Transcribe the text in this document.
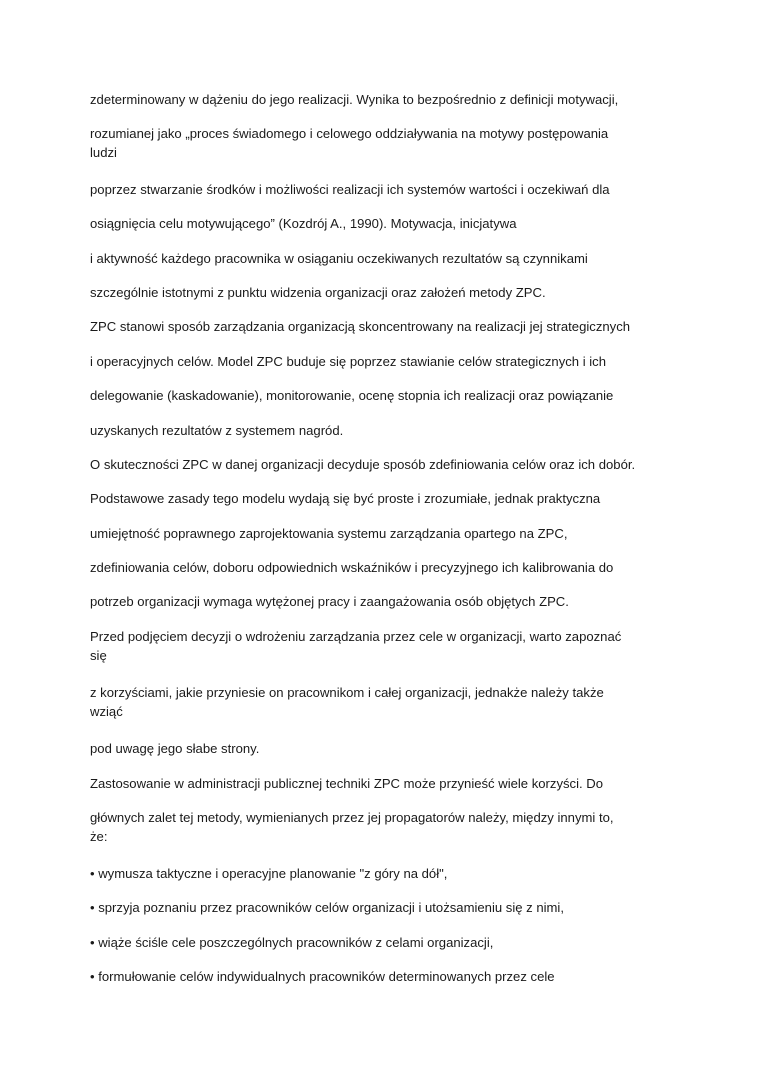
zdeterminowany w dążeniu do jego realizacji. Wynika to bezpośrednio z definicji motywacji,
rozumianej jako „proces świadomego i celowego oddziaływania na motywy postępowania
ludzi
poprzez stwarzanie środków i możliwości realizacji ich systemów wartości i oczekiwań dla
osiągnięcia celu motywującego” (Kozdrój A., 1990). Motywacja, inicjatywa
i aktywność każdego pracownika w osiąganiu oczekiwanych rezultatów są czynnikami
szczególnie istotnymi z punktu widzenia organizacji oraz założeń metody ZPC.
ZPC stanowi sposób zarządzania organizacją skoncentrowany na realizacji jej strategicznych
i operacyjnych celów. Model ZPC buduje się poprzez stawianie celów strategicznych i ich
delegowanie (kaskadowanie), monitorowanie, ocenę stopnia ich realizacji oraz powiązanie
uzyskanych rezultatów z systemem nagród.
O skuteczności ZPC w danej organizacji decyduje sposób zdefiniowania celów oraz ich dobór.
Podstawowe zasady tego modelu wydają się być proste i zrozumiałe, jednak praktyczna
umiejętność poprawnego zaprojektowania systemu zarządzania opartego na ZPC,
zdefiniowania celów, doboru odpowiednich wskaźników i precyzyjnego ich kalibrowania do
potrzeb organizacji wymaga wytężonej pracy i zaangażowania osób objętych ZPC.
Przed podjęciem decyzji o wdrożeniu zarządzania przez cele w organizacji, warto zapoznać
się
z korzyściami, jakie przyniesie on pracownikom i całej organizacji, jednakże należy także
wziąć
pod uwagę jego słabe strony.
Zastosowanie w administracji publicznej techniki ZPC może przynieść wiele korzyści. Do
głównych zalet tej metody, wymienianych przez jej propagatorów należy, między innymi to,
że:
• wymusza taktyczne i operacyjne planowanie "z góry na dół",
• sprzyja poznaniu przez pracowników celów organizacji i utożsamieniu się z nimi,
• wiąże ściśle cele poszczególnych pracowników z celami organizacji,
• formułowanie celów indywidualnych pracowników determinowanych przez cele
